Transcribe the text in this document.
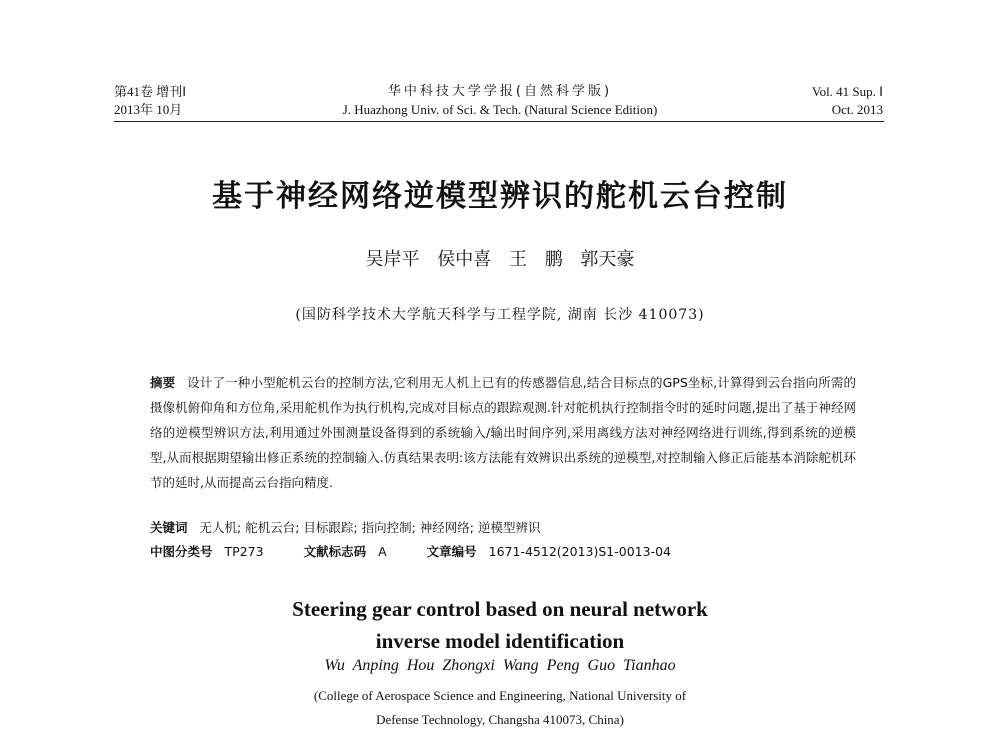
第41卷 增刊Ⅰ
2013年 10月
华中科技大学学报(自然科学版)
J. Huazhong Univ. of Sci. & Tech. (Natural Science Edition)
Vol. 41 Sup. Ⅰ
Oct. 2013
基于神经网络逆模型辨识的舵机云台控制
吴岸平 侯中喜 王 鹏 郭天豪
(国防科学技术大学航天科学与工程学院, 湖南 长沙 410073)
摘要 设计了一种小型舵机云台的控制方法,它利用无人机上已有的传感器信息,结合目标点的GPS坐标,计算得到云台指向所需的摄像机俯仰角和方位角,采用舵机作为执行机构,完成对目标点的跟踪观测.针对舵机执行控制指令时的延时问题,提出了基于神经网络的逆模型辨识方法,利用通过外围测量设备得到的系统输入/输出时间序列,采用离线方法对神经网络进行训练,得到系统的逆模型,从而根据期望输出修正系统的控制输入.仿真结果表明:该方法能有效辨识出系统的逆模型,对控制输入修正后能基本消除舵机环节的延时,从而提高云台指向精度.
关键词 无人机; 舵机云台; 目标跟踪; 指向控制; 神经网络; 逆模型辨识
中图分类号 TP273	文献标志码 A	文章编号 1671-4512(2013)S1-0013-04
Steering gear control based on neural network
inverse model identification
Wu Anping Hou Zhongxi Wang Peng Guo Tianhao
(College of Aerospace Science and Engineering, National University of
Defense Technology, Changsha 410073, China)
